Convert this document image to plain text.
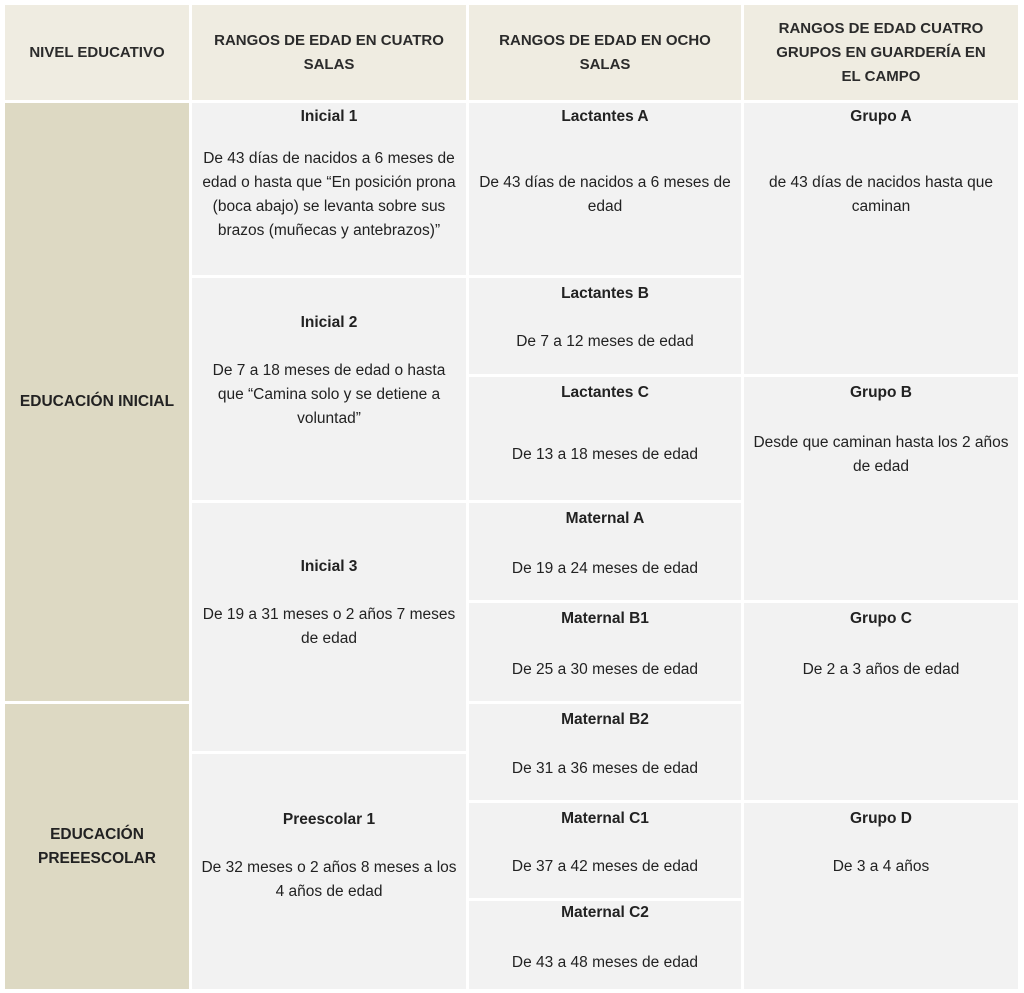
NIVEL EDUCATIVO
RANGOS DE EDAD EN CUATRO SALAS
RANGOS DE EDAD EN OCHO SALAS
RANGOS DE EDAD CUATRO GRUPOS EN GUARDERÍA EN EL CAMPO
EDUCACIÓN INICIAL
EDUCACIÓN PREEESCOLAR
Inicial 1
De 43 días de nacidos a 6 meses de edad o hasta que “En posición prona (boca abajo) se levanta sobre sus brazos (muñecas y antebrazos)”
Inicial 2
De 7 a 18 meses de edad o hasta que “Camina solo y se detiene a voluntad”
Inicial 3
De 19 a 31 meses o 2 años 7 meses de edad
Preescolar 1
De 32 meses o 2 años 8 meses a los 4 años de edad
Lactantes A
De 43 días de nacidos a 6 meses de edad
Lactantes B
De 7 a 12 meses de edad
Lactantes C
De 13 a 18 meses de edad
Maternal A
De 19 a 24 meses de edad
Maternal B1
De 25 a 30 meses de edad
Maternal B2
De 31 a 36 meses de edad
Maternal C1
De 37 a 42 meses de edad
Maternal C2
De 43 a 48 meses de edad
Grupo A
de 43 días de nacidos hasta que caminan
Grupo B
Desde que caminan hasta los 2 años de edad
Grupo C
De 2 a 3 años de edad
Grupo D
De 3 a 4 años
